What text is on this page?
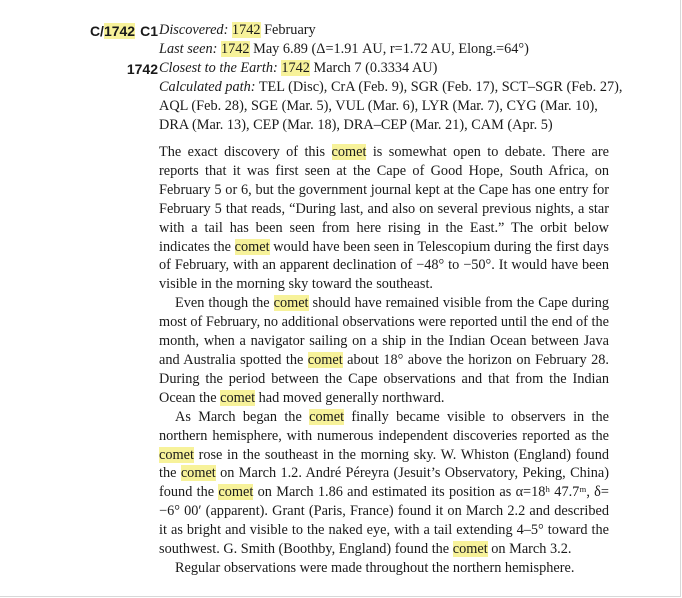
C/1742 C1 Discovered: 1742 February
Last seen: 1742 May 6.89 (Δ=1.91 AU, r=1.72 AU, Elong.=64°)
1742 Closest to the Earth: 1742 March 7 (0.3334 AU)
Calculated path: TEL (Disc), CrA (Feb. 9), SGR (Feb. 17), SCT–SGR (Feb. 27),
AQL (Feb. 28), SGE (Mar. 5), VUL (Mar. 6), LYR (Mar. 7), CYG (Mar. 10),
DRA (Mar. 13), CEP (Mar. 18), DRA–CEP (Mar. 21), CAM (Apr. 5)

The exact discovery of this comet is somewhat open to debate. There are reports that it was first seen at the Cape of Good Hope, South Africa, on February 5 or 6, but the government journal kept at the Cape has one entry for February 5 that reads, “During last, and also on several previous nights, a star with a tail has been seen from here rising in the East.” The orbit below indicates the comet would have been seen in Telescopium during the first days of February, with an apparent declination of −48° to −50°. It would have been visible in the morning sky toward the southeast.

Even though the comet should have remained visible from the Cape during most of February, no additional observations were reported until the end of the month, when a navigator sailing on a ship in the Indian Ocean between Java and Australia spotted the comet about 18° above the horizon on February 28. During the period between the Cape observations and that from the Indian Ocean the comet had moved generally northward.

As March began the comet finally became visible to observers in the northern hemisphere, with numerous independent discoveries reported as the comet rose in the southeast in the morning sky. W. Whiston (England) found the comet on March 1.2. André Péreyra (Jesuit’s Observatory, Peking, China) found the comet on March 1.86 and estimated its position as α=18ʰ 47.7ᵐ, δ= −6° 00′ (apparent). Grant (Paris, France) found it on March 2.2 and described it as bright and visible to the naked eye, with a tail extending 4–5° toward the southwest. G. Smith (Boothby, England) found the comet on March 3.2.

Regular observations were made throughout the northern hemisphere.
